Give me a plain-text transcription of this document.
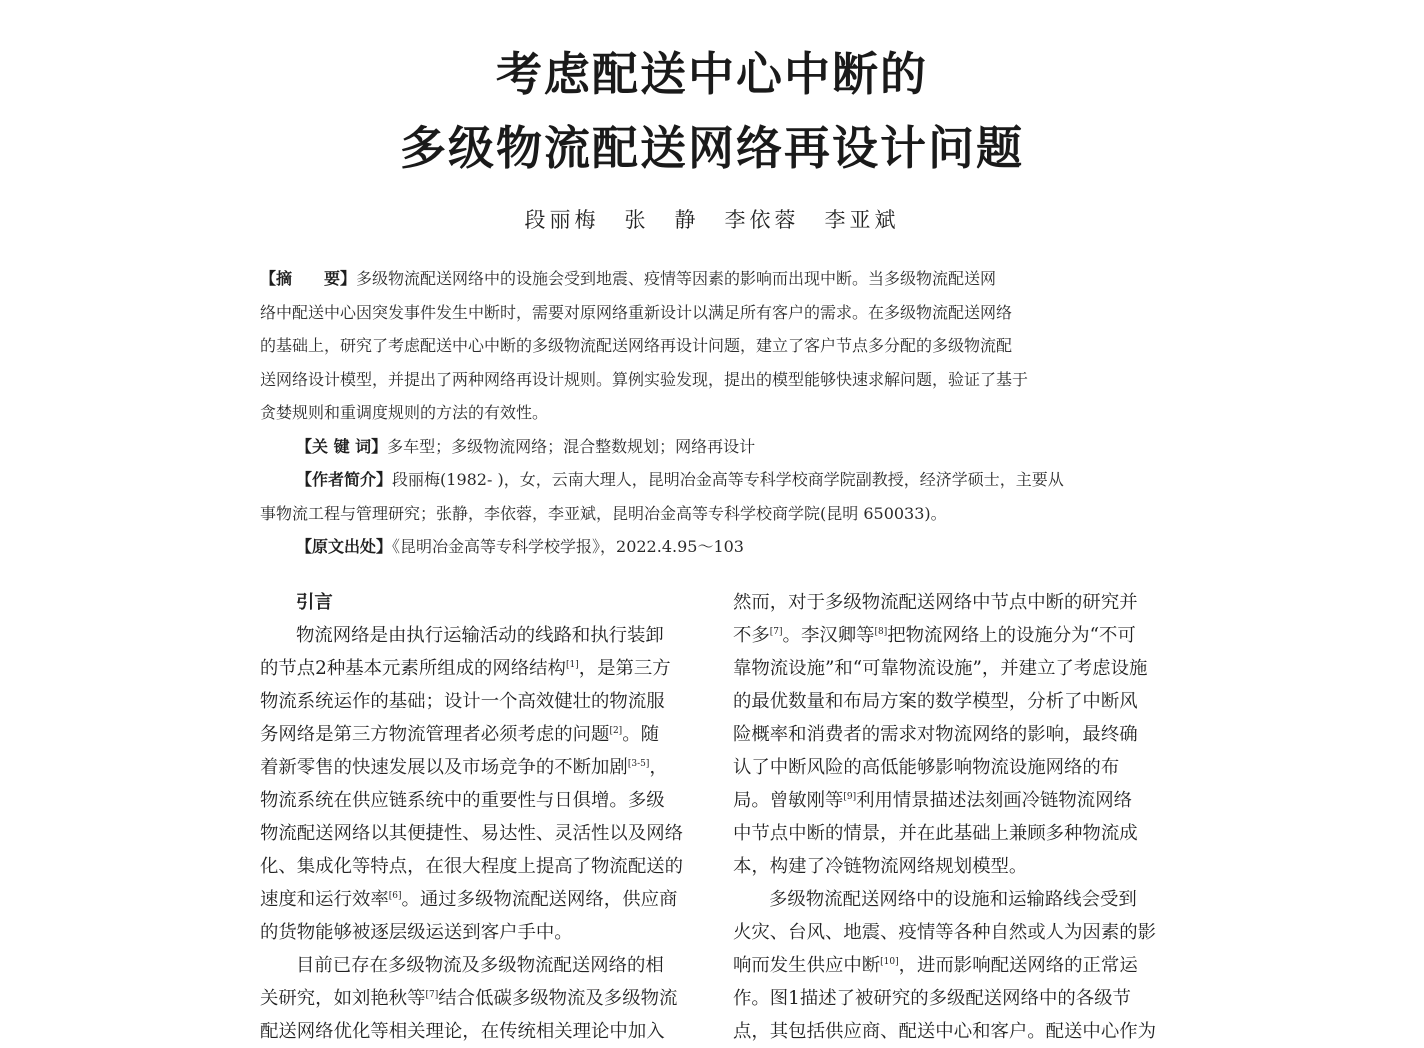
考虑配送中心中断的
多级物流配送网络再设计问题
段丽梅　张　静　李依蓉　李亚斌
【摘　　要】多级物流配送网络中的设施会受到地震、疫情等因素的影响而出现中断。当多级物流配送网
络中配送中心因突发事件发生中断时，需要对原网络重新设计以满足所有客户的需求。在多级物流配送网络
的基础上，研究了考虑配送中心中断的多级物流配送网络再设计问题，建立了客户节点多分配的多级物流配
送网络设计模型，并提出了两种网络再设计规则。算例实验发现，提出的模型能够快速求解问题，验证了基于
贪婪规则和重调度规则的方法的有效性。
【关 键 词】多车型；多级物流网络；混合整数规划；网络再设计
【作者简介】段丽梅(1982- )，女，云南大理人，昆明冶金高等专科学校商学院副教授，经济学硕士，主要从
事物流工程与管理研究；张静，李依蓉，李亚斌，昆明冶金高等专科学校商学院(昆明 650033)。
【原文出处】《昆明冶金高等专科学校学报》，2022.4.95～103
引言
物流网络是由执行运输活动的线路和执行装卸
的节点2种基本元素所组成的网络结构[1]，是第三方
物流系统运作的基础；设计一个高效健壮的物流服
务网络是第三方物流管理者必须考虑的问题[2]。随
着新零售的快速发展以及市场竞争的不断加剧[3-5]，
物流系统在供应链系统中的重要性与日俱增。多级
物流配送网络以其便捷性、易达性、灵活性以及网络
化、集成化等特点，在很大程度上提高了物流配送的
速度和运行效率[6]。通过多级物流配送网络，供应商
的货物能够被逐层级运送到客户手中。
目前已存在多级物流及多级物流配送网络的相
关研究，如刘艳秋等[7]结合低碳多级物流及多级物流
配送网络优化等相关理论，在传统相关理论中加入
然而，对于多级物流配送网络中节点中断的研究并
不多[7]。李汉卿等[8]把物流网络上的设施分为“不可
靠物流设施”和“可靠物流设施”，并建立了考虑设施
的最优数量和布局方案的数学模型，分析了中断风
险概率和消费者的需求对物流网络的影响，最终确
认了中断风险的高低能够影响物流设施网络的布
局。曾敏刚等[9]利用情景描述法刻画冷链物流网络
中节点中断的情景，并在此基础上兼顾多种物流成
本，构建了冷链物流网络规划模型。
多级物流配送网络中的设施和运输路线会受到
火灾、台风、地震、疫情等各种自然或人为因素的影
响而发生供应中断[10]，进而影响配送网络的正常运
作。图1描述了被研究的多级配送网络中的各级节
点，其包括供应商、配送中心和客户。配送中心作为
